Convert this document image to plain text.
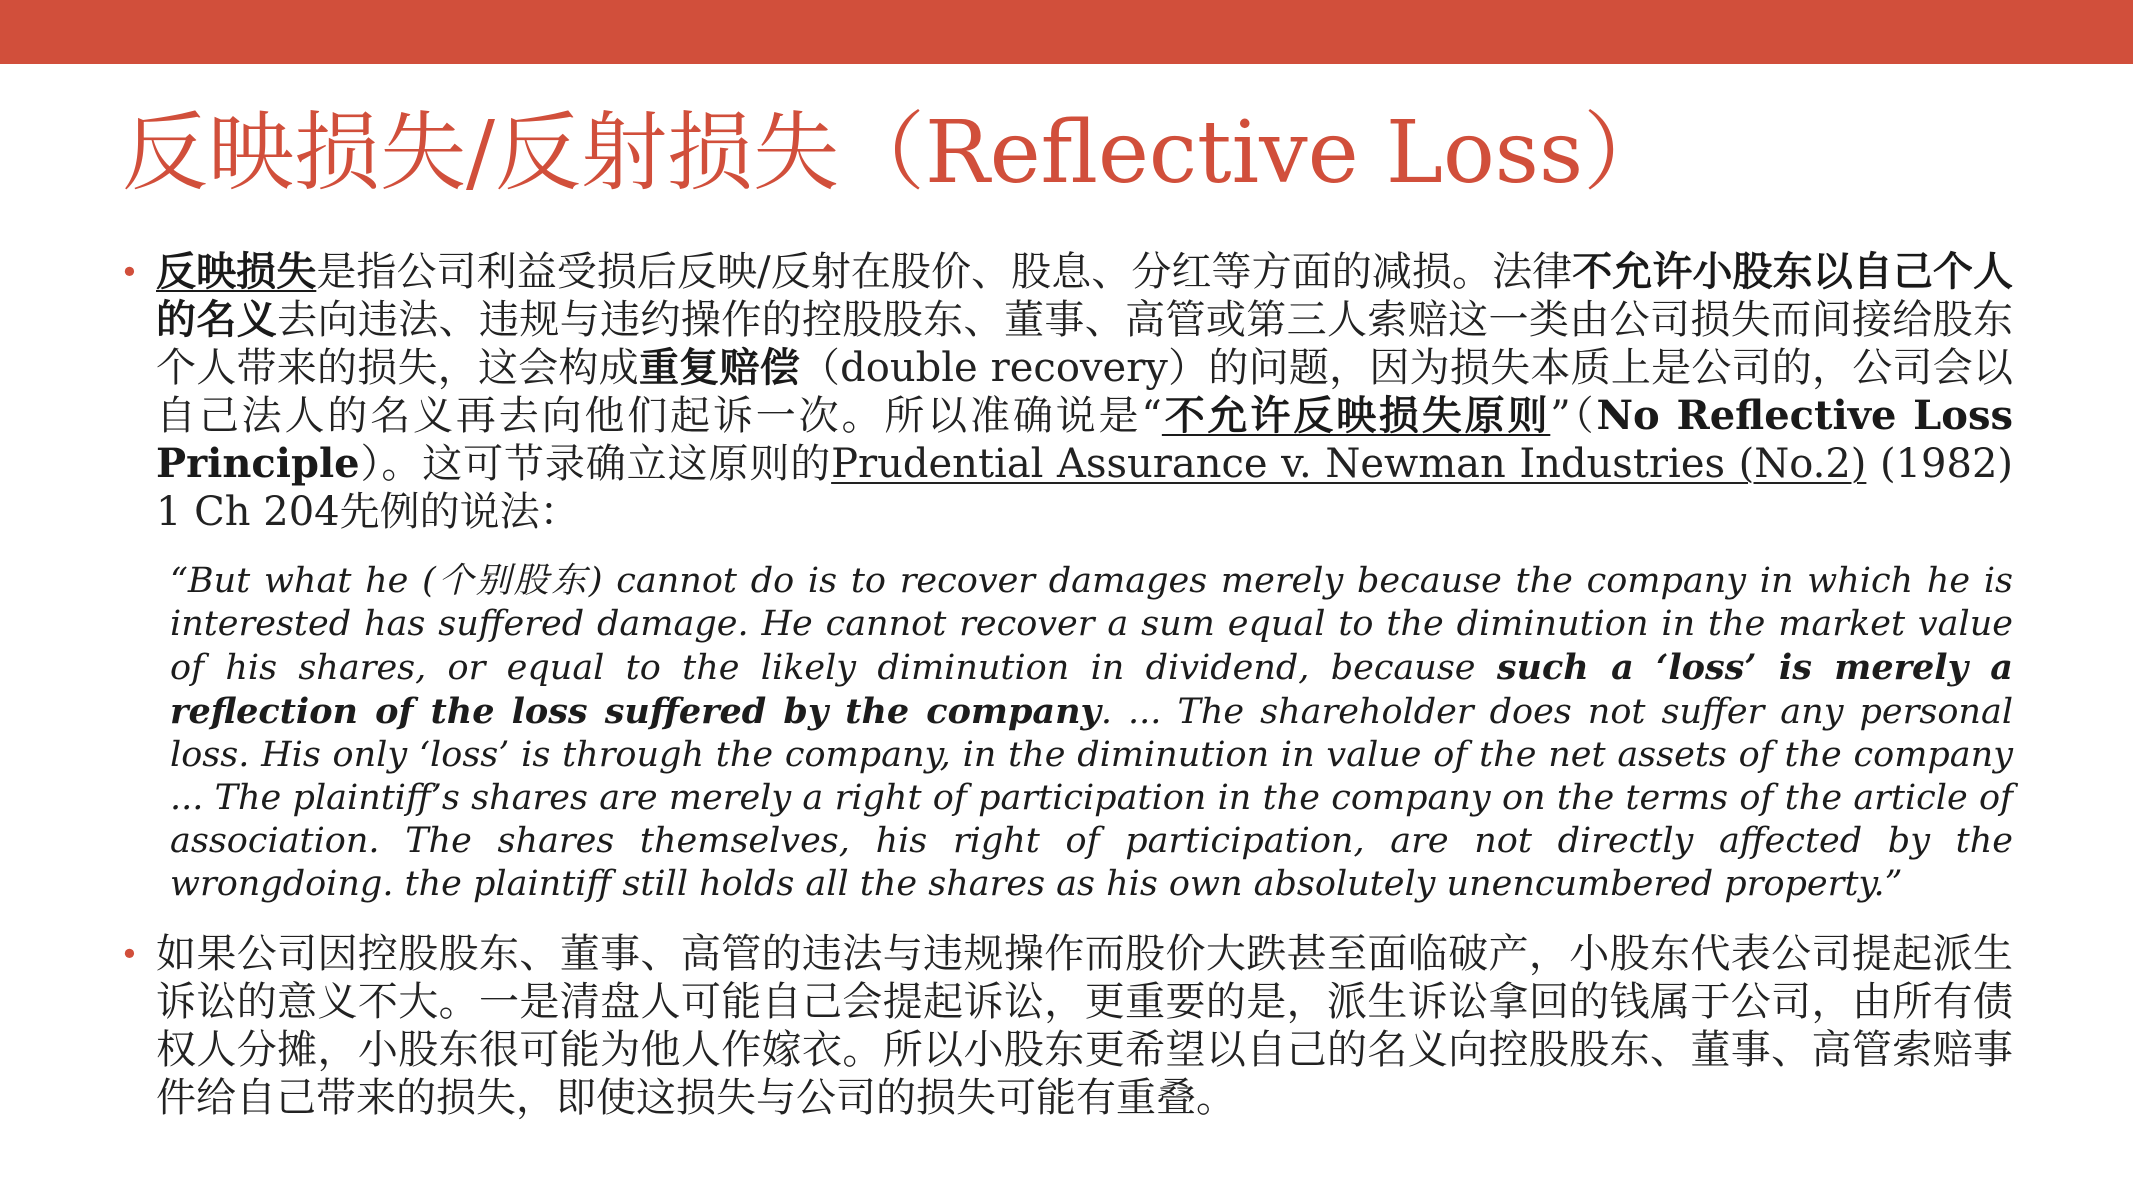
反映损失/反射损失（Reflective Loss）
• 反映损失是指公司利益受损后反映/反射在股价、股息、分红等方面的减损。法律不允许小股东以自己个人的名义去向违法、违规与违约操作的控股股东、董事、高管或第三人索赔这一类由公司损失而间接给股东个人带来的损失，这会构成重复赔偿（double recovery）的问题，因为损失本质上是公司的，公司会以自己法人的名义再去向他们起诉一次。所以准确说是“不允许反映损失原则”（No Reflective Loss Principle）。这可节录确立这原则的Prudential Assurance v. Newman Industries (No.2) (1982) 1 Ch 204先例的说法：
“But what he (个别股东) cannot do is to recover damages merely because the company in which he is interested has suffered damage. He cannot recover a sum equal to the diminution in the market value of his shares, or equal to the likely diminution in dividend, because such a ‘loss’ is merely a reflection of the loss suffered by the company. ... The shareholder does not suffer any personal loss. His only ‘loss’ is through the company, in the diminution in value of the net assets of the company ... The plaintiff’s shares are merely a right of participation in the company on the terms of the article of association. The shares themselves, his right of participation, are not directly affected by the wrongdoing. the plaintiff still holds all the shares as his own absolutely unencumbered property.”
• 如果公司因控股股东、董事、高管的违法与违规操作而股价大跌甚至面临破产，小股东代表公司提起派生诉讼的意义不大。一是清盘人可能自己会提起诉讼，更重要的是，派生诉讼拿回的钱属于公司，由所有债权人分摊，小股东很可能为他人作嫁衣。所以小股东更希望以自己的名义向控股股东、董事、高管索赔事件给自己带来的损失，即使这损失与公司的损失可能有重叠。
